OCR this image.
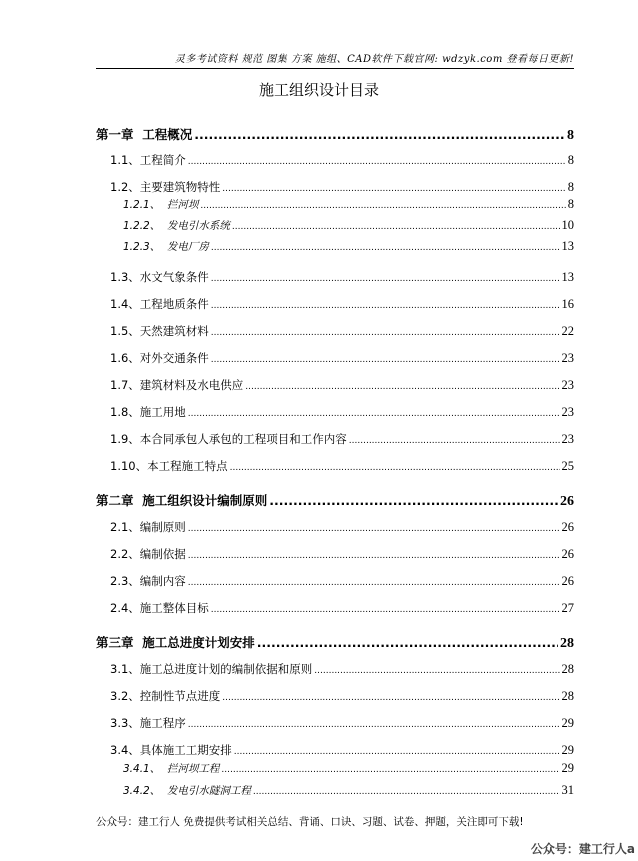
灵多考试资料 规范 图集 方案 施组、CAD软件下载官网: wdzyk.com 登看每日更新!
施工组织设计目录
第一章 工程概况 .....	8
1.1、工程简介 .....	8
1.2、主要建筑物特性 .....	8
1.2.1、 拦河坝 .....	8
1.2.2、 发电引水系统 .....	10
1.2.3、 发电厂房 .....	13
1.3、水文气象条件 .....	13
1.4、工程地质条件 .....	16
1.5、天然建筑材料 .....	22
1.6、对外交通条件 .....	23
1.7、建筑材料及水电供应 .....	23
1.8、施工用地 .....	23
1.9、本合同承包人承包的工程项目和工作内容 .....	23
1.10、本工程施工特点 .....	25
第二章 施工组织设计编制原则 .....	26
2.1、编制原则 .....	26
2.2、编制依据 .....	26
2.3、编制内容 .....	26
2.4、施工整体目标 .....	27
第三章 施工总进度计划安排 .....	28
3.1、施工总进度计划的编制依据和原则 .....	28
3.2、控制性节点进度 .....	28
3.3、施工程序 .....	29
3.4、具体施工工期安排 .....	29
3.4.1、 拦河坝工程 .....	29
3.4.2、 发电引水隧洞工程 .....	31
公众号：建工行人 免费提供考试相关总结、背诵、口诀、习题、试卷、押题，关注即可下载!
公众号：建工行人a
